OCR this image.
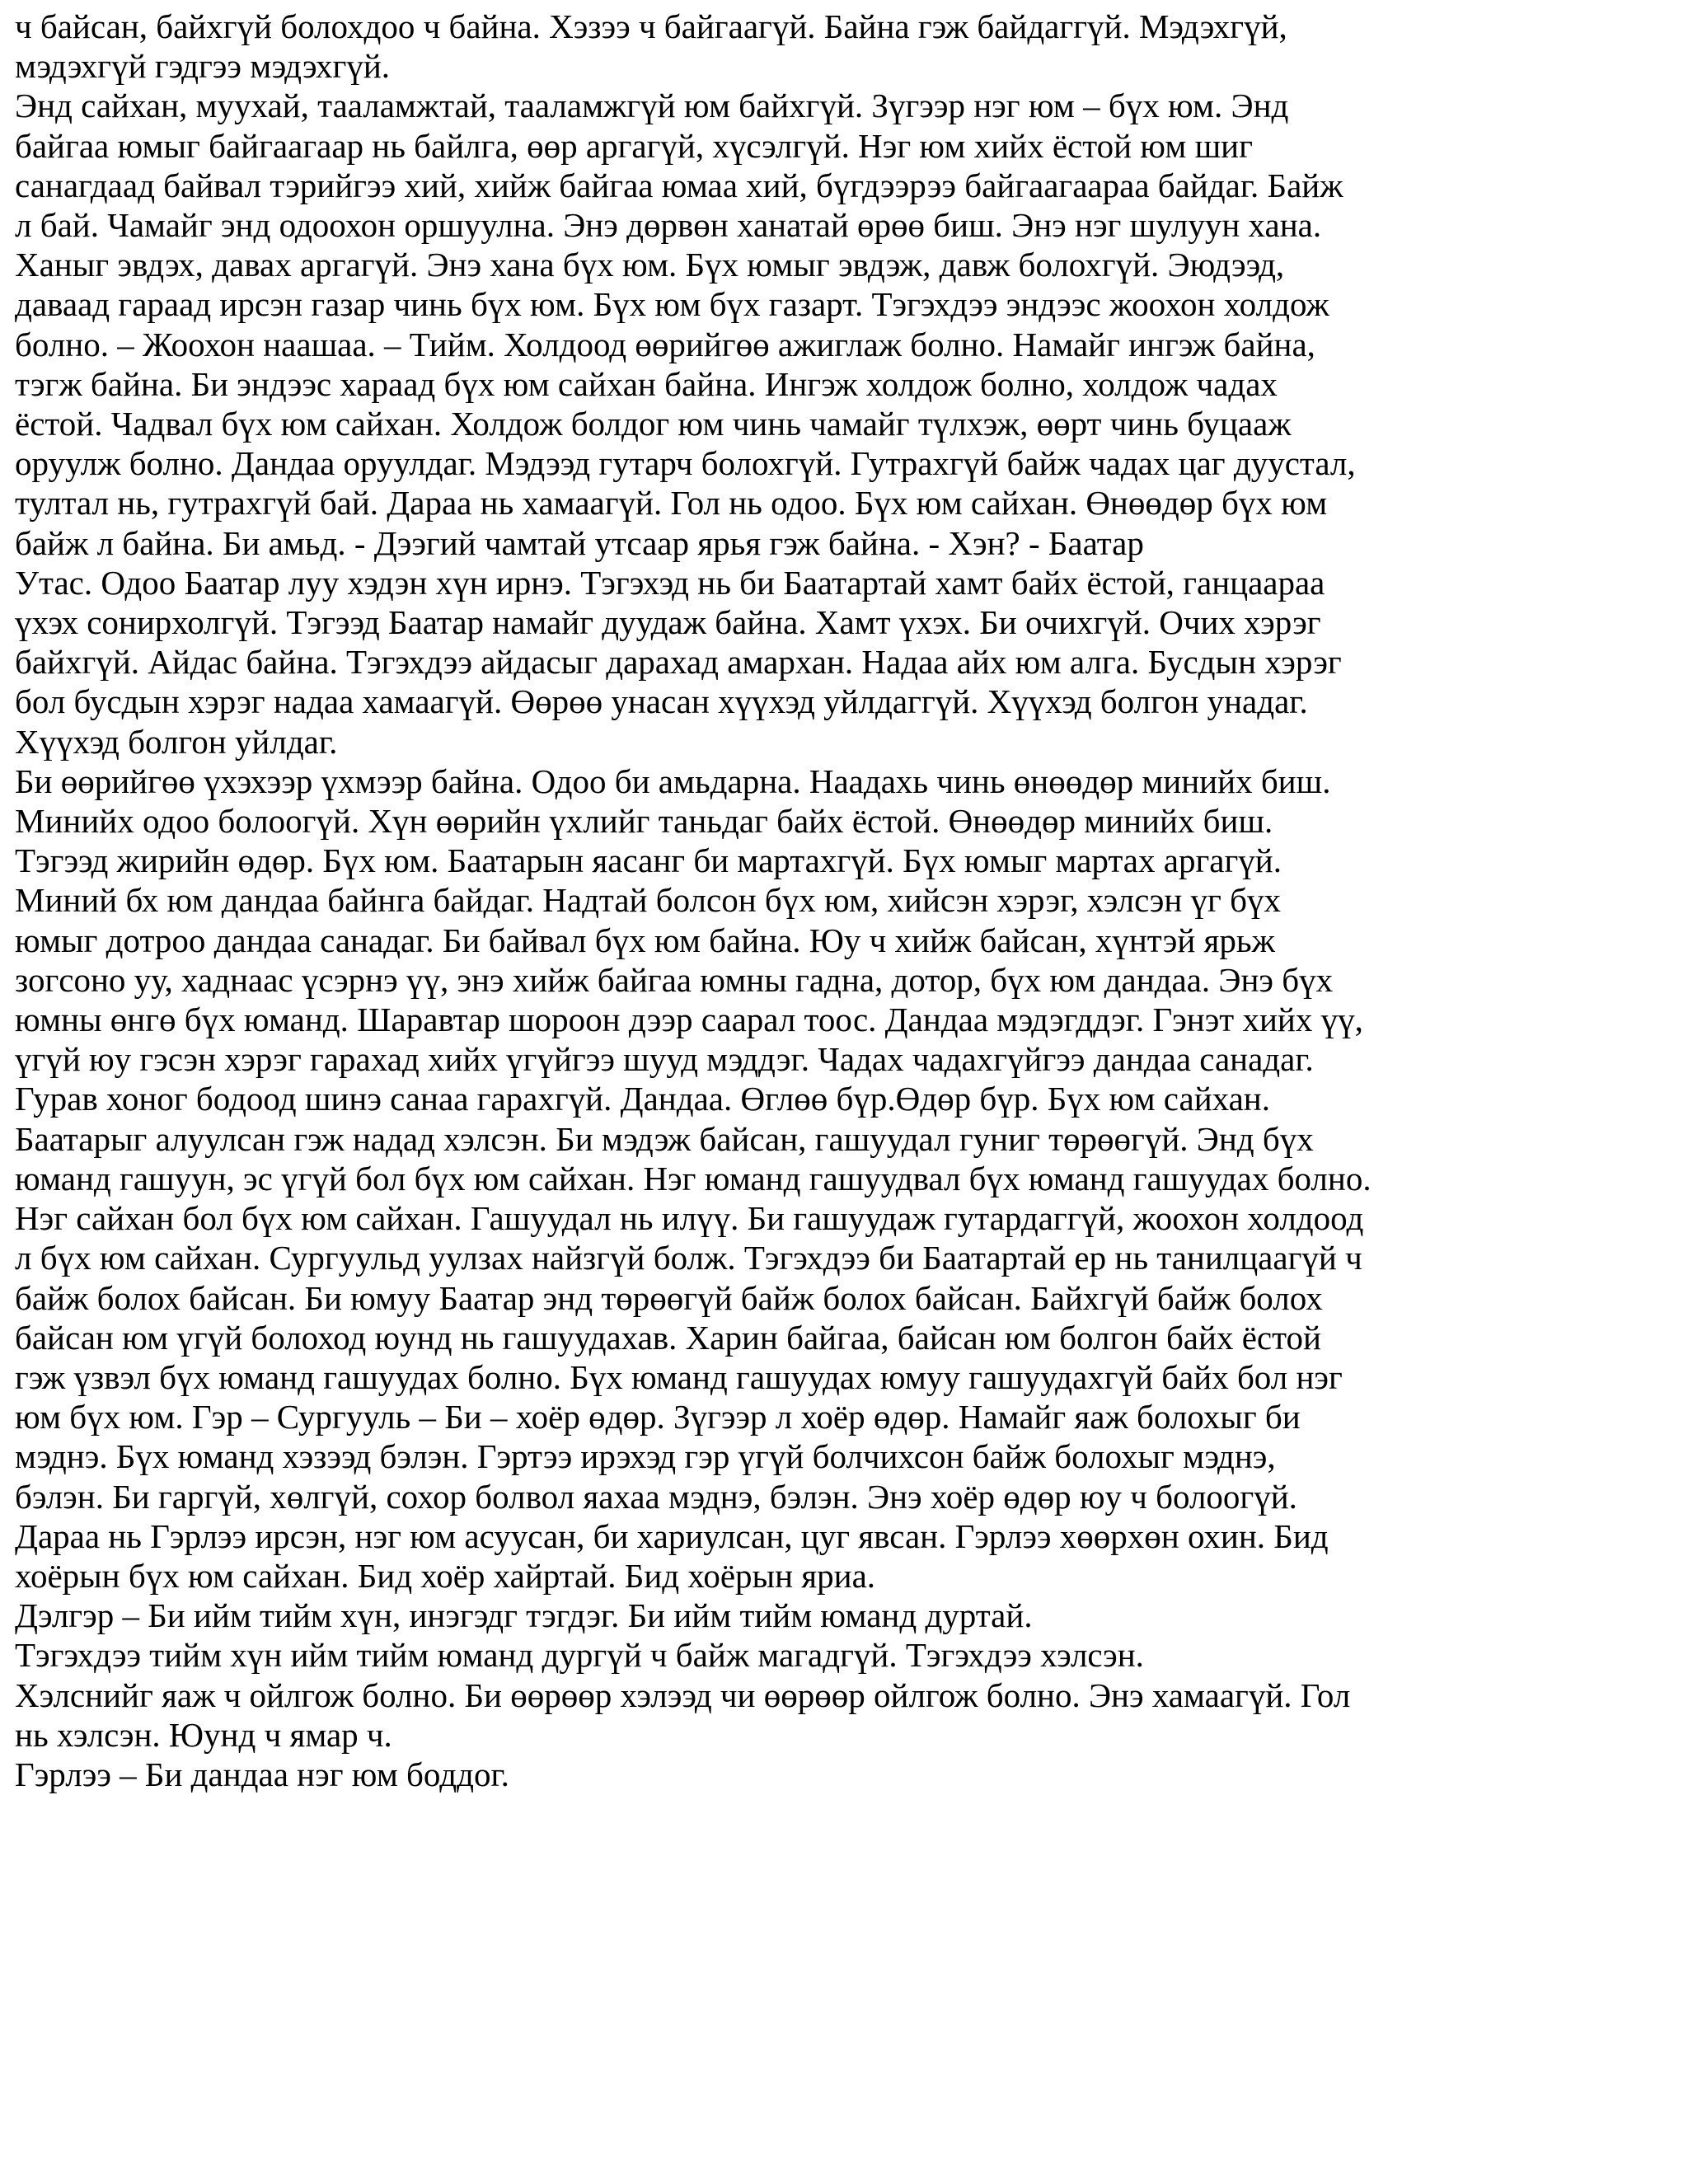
ч байсан, байхгүй болохдоо ч байна. Хэзээ ч байгаагүй. Байна гэж байдаггүй. Мэдэхгүй,
мэдэхгүй гэдгээ мэдэхгүй.

Энд сайхан, муухай, тааламжтай, тааламжгүй юм байхгүй. Зүгээр нэг юм – бүх юм. Энд
байгаа юмыг байгаагаар нь байлга, өөр аргагүй, хүсэлгүй. Нэг юм хийх ёстой юм шиг
санагдаад байвал тэрийгээ хий, хийж байгаа юмаа хий, бүгдээрээ байгаагаараа байдаг. Байж
л бай. Чамайг энд одоохон оршуулна. Энэ дөрвөн ханатай өрөө биш. Энэ нэг шулуун хана.
Ханыг эвдэх, давах аргагүй. Энэ хана бүх юм. Бүх юмыг эвдэж, давж болохгүй. Эюдээд,
даваад гараад ирсэн газар чинь бүх юм. Бүх юм бүх газарт. Тэгэхдээ эндээс жоохон холдож
болно. – Жоохон наашаа. – Тийм. Холдоод өөрийгөө ажиглаж болно. Намайг ингэж байна,
тэгж байна. Би эндээс хараад бүх юм сайхан байна. Ингэж холдож болно, холдож чадах
ёстой. Чадвал бүх юм сайхан. Холдож болдог юм чинь чамайг түлхэж, өөрт чинь буцааж
оруулж болно. Дандаа оруулдаг. Мэдээд гутарч болохгүй. Гутрахгүй байж чадах цаг дуустал,
тултал нь, гутрахгүй бай. Дараа нь хамаагүй. Гол нь одоо. Бүх юм сайхан. Өнөөдөр бүх юм
байж л байна. Би амьд. - Дээгий чамтай утсаар ярья гэж байна. - Хэн? - Баатар
Утас. Одоо Баатар луу хэдэн хүн ирнэ. Тэгэхэд нь би Баатартай хамт байх ёстой, ганцаараа
үхэх сонирхолгүй. Тэгээд Баатар намайг дуудаж байна. Хамт үхэх. Би очихгүй. Очих хэрэг
байхгүй. Айдас байна. Тэгэхдээ айдасыг дарахад амархан. Надаа айх юм алга. Бусдын хэрэг
бол бусдын хэрэг надаа хамаагүй. Өөрөө унасан хүүхэд уйлдаггүй. Хүүхэд болгон унадаг.
Хүүхэд болгон уйлдаг.

Би өөрийгөө үхэхээр үхмээр байна. Одоо би амьдарна. Наадахь чинь өнөөдөр минийх биш.
Минийх одоо болоогүй. Хүн өөрийн үхлийг таньдаг байх ёстой. Өнөөдөр минийх биш.
Тэгээд жирийн өдөр. Бүх юм. Баатарын яасанг би мартахгүй. Бүх юмыг мартах аргагүй.
Миний бх юм дандаа байнга байдаг. Надтай болсон бүх юм, хийсэн хэрэг, хэлсэн үг бүх
юмыг дотроо дандаа санадаг. Би байвал бүх юм байна. Юу ч хийж байсан, хүнтэй ярьж
зогсоно уу, хаднаас үсэрнэ үү, энэ хийж байгаа юмны гадна, дотор, бүх юм дандаа. Энэ бүх
юмны өнгө бүх юманд. Шаравтар шороон дээр саарал тоос. Дандаа мэдэгддэг. Гэнэт хийх үү,
үгүй юу гэсэн хэрэг гарахад хийх үгүйгээ шууд мэддэг. Чадах чадахгүйгээ дандаа санадаг.
Гурав хоног бодоод шинэ санаа гарахгүй. Дандаа. Өглөө бүр.Өдөр бүр. Бүх юм сайхан.
Баатарыг алуулсан гэж надад хэлсэн. Би мэдэж байсан, гашуудал гуниг төрөөгүй. Энд бүх
юманд гашуун, эс үгүй бол бүх юм сайхан. Нэг юманд гашуудвал бүх юманд гашуудах болно.
Нэг сайхан бол бүх юм сайхан. Гашуудал нь илүү. Би гашуудаж гутардаггүй, жоохон холдоод
л бүх юм сайхан. Сургуульд уулзах найзгүй болж. Тэгэхдээ би Баатартай ер нь танилцаагүй ч
байж болох байсан. Би юмуу Баатар энд төрөөгүй байж болох байсан. Байхгүй байж болох
байсан юм үгүй болоход юунд нь гашуудахав. Харин байгаа, байсан юм болгон байх ёстой
гэж үзвэл бүх юманд гашуудах болно. Бүх юманд гашуудах юмуу гашуудахгүй байх бол нэг
юм бүх юм. Гэр – Сургууль – Би – хоёр өдөр. Зүгээр л хоёр өдөр. Намайг яаж болохыг би
мэднэ. Бүх юманд хэзээд бэлэн. Гэртээ ирэхэд гэр үгүй болчихсон байж болохыг мэднэ,
бэлэн. Би гаргүй, хөлгүй, сохор болвол яахаа мэднэ, бэлэн. Энэ хоёр өдөр юу ч болоогүй.
Дараа нь Гэрлээ ирсэн, нэг юм асуусан, би хариулсан, цуг явсан. Гэрлээ хөөрхөн охин. Бид
хоёрын бүх юм сайхан. Бид хоёр хайртай. Бид хоёрын яриа.

Дэлгэр – Би ийм тийм хүн, инэгэдг тэгдэг. Би ийм тийм юманд дуртай.

Тэгэхдээ тийм хүн ийм тийм юманд дургүй ч байж магадгүй. Тэгэхдээ хэлсэн.

Хэлснийг яаж ч ойлгож болно. Би өөрөөр хэлээд чи өөрөөр ойлгож болно. Энэ хамаагүй. Гол
нь хэлсэн. Юунд ч ямар ч.

Гэрлээ – Би дандаа нэг юм боддог.
